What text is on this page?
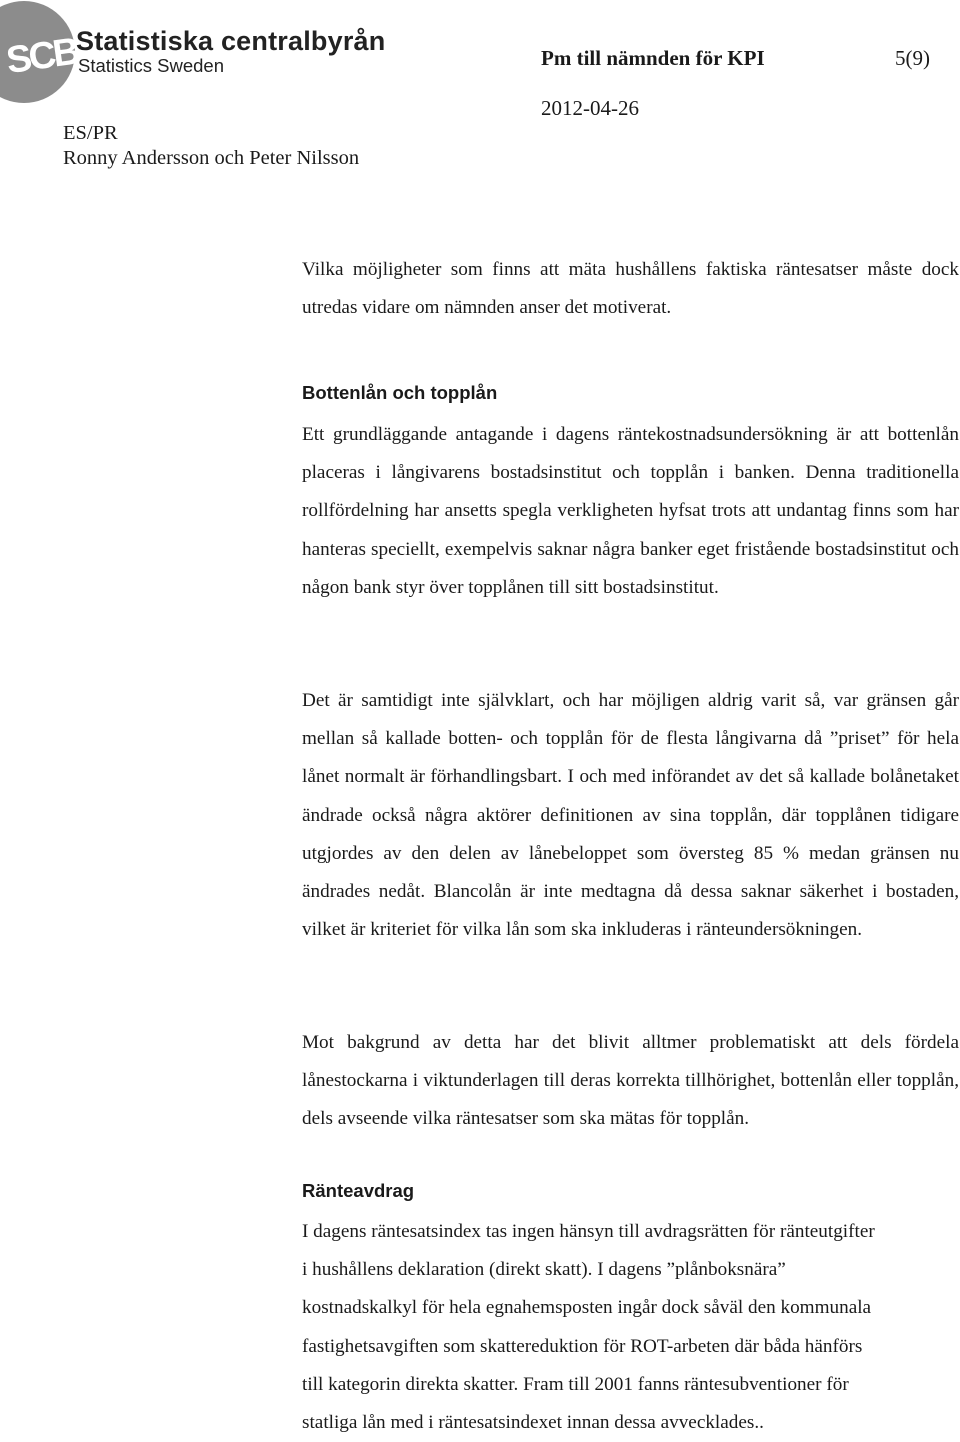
SCB
Statistiska centralbyrån
Statistics Sweden	Pm till nämnden för KPI	5(9)
2012-04-26
ES/PR
Ronny Andersson och Peter Nilsson

Vilka möjligheter som finns att mäta hushållens faktiska räntesatser måste dock utredas vidare om nämnden anser det motiverat.

Bottenlån och topplån

Ett grundläggande antagande i dagens räntekostnadsundersökning är att bottenlån placeras i långivarens bostadsinstitut och topplån i banken. Denna traditionella rollfördelning har ansetts spegla verkligheten hyfsat trots att undantag finns som har hanteras speciellt, exempelvis saknar några banker eget fristående bostadsinstitut och någon bank styr över topplånen till sitt bostadsinstitut.

Det är samtidigt inte självklart, och har möjligen aldrig varit så, var gränsen går mellan så kallade botten- och topplån för de flesta långivarna då ”priset” för hela lånet normalt är förhandlingsbart. I och med införandet av det så kallade bolånetaket ändrade också några aktörer definitionen av sina topplån, där topplånen tidigare utgjordes av den delen av lånebeloppet som översteg 85 % medan gränsen nu ändrades nedåt. Blancolån är inte medtagna då dessa saknar säkerhet i bostaden, vilket är kriteriet för vilka lån som ska inkluderas i ränteundersökningen.

Mot bakgrund av detta har det blivit alltmer problematiskt att dels fördela lånestockarna i viktunderlagen till deras korrekta tillhörighet, bottenlån eller topplån, dels avseende vilka räntesatser som ska mätas för topplån.

Ränteavdrag
I dagens räntesatsindex tas ingen hänsyn till avdragsrätten för ränteutgifter
i hushållens deklaration (direkt skatt). I dagens ”plånboksnära”
kostnadskalkyl för hela egnahemsposten ingår dock såväl den kommunala
fastighetsavgiften som skattereduktion för ROT-arbeten där båda hänförs
till kategorin direkta skatter. Fram till 2001 fanns räntesubventioner för
statliga lån med i räntesatsindexet innan dessa avvecklades..
